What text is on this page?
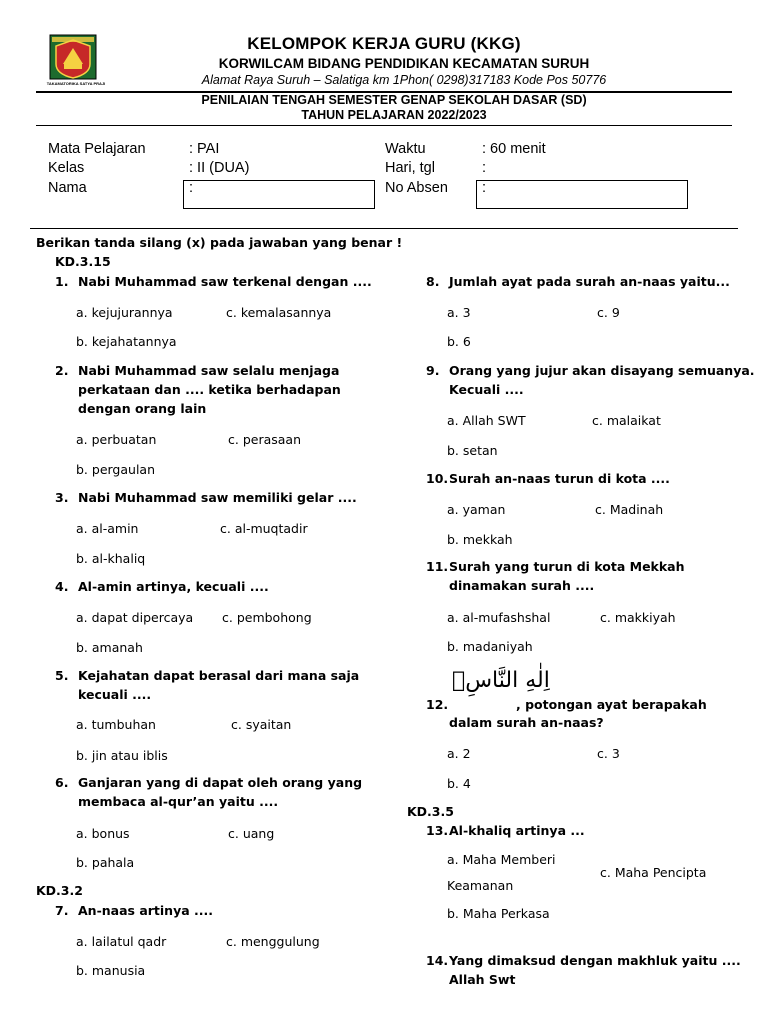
TAKAMATORIKA SATYA PRAJI
KELOMPOK KERJA GURU (KKG)
KORWILCAM BIDANG PENDIDIKAN KECAMATAN SURUH
Alamat Raya Suruh – Salatiga km 1Phon( 0298)317183 Kode Pos 50776
PENILAIAN TENGAH SEMESTER GENAP SEKOLAH DASAR (SD)
TAHUN PELAJARAN 2022/2023
Mata Pelajaran	: PAI
Kelas	: II (DUA)
Nama	:
Waktu	: 60 menit
Hari, tgl	:
No Absen :
Berikan tanda silang (x) pada jawaban yang benar !
KD.3.15
1. Nabi Muhammad saw terkenal dengan ....
a. kejujurannya	c. kemalasannya
b. kejahatannya
2. Nabi Muhammad saw selalu menjaga
perkataan dan .... ketika berhadapan
dengan orang lain
a. perbuatan	c. perasaan
b. pergaulan
3. Nabi Muhammad saw memiliki gelar ....
a. al-amin	c. al-muqtadir
b. al-khaliq
4. Al-amin artinya, kecuali ....
a. dapat dipercaya c. pembohong
b. amanah
5. Kejahatan dapat berasal dari mana saja
kecuali ....
a. tumbuhan	c. syaitan
b. jin atau iblis
6. Ganjaran yang di dapat oleh orang yang
membaca al-qur’an yaitu ....
a. bonus	c. uang
b. pahala
KD.3.2
7. An-naas artinya ....
a. lailatul qadr	c. menggulung
b. manusia
8. Jumlah ayat pada surah an-naas yaitu...
a. 3	c. 9
b. 6
9. Orang yang jujur akan disayang semuanya.
Kecuali ....
a. Allah SWT	c. malaikat
b. setan
10. Surah an-naas turun di kota ....
a. yaman	c. Madinah
b. mekkah
11. Surah yang turun di kota Mekkah
dinamakan surah ....
a. al-mufashshal	c. makkiyah
b. madaniyah
اِلٰهِ النَّاسِۙ
12.	, potongan ayat berapakah
dalam surah an-naas?
a. 2	c. 3
b. 4
KD.3.5
13. Al-khaliq artinya ...
a. Maha Memberi
Keamanan
c. Maha Pencipta
b. Maha Perkasa
14. Yang dimaksud dengan makhluk yaitu ....
Allah Swt
